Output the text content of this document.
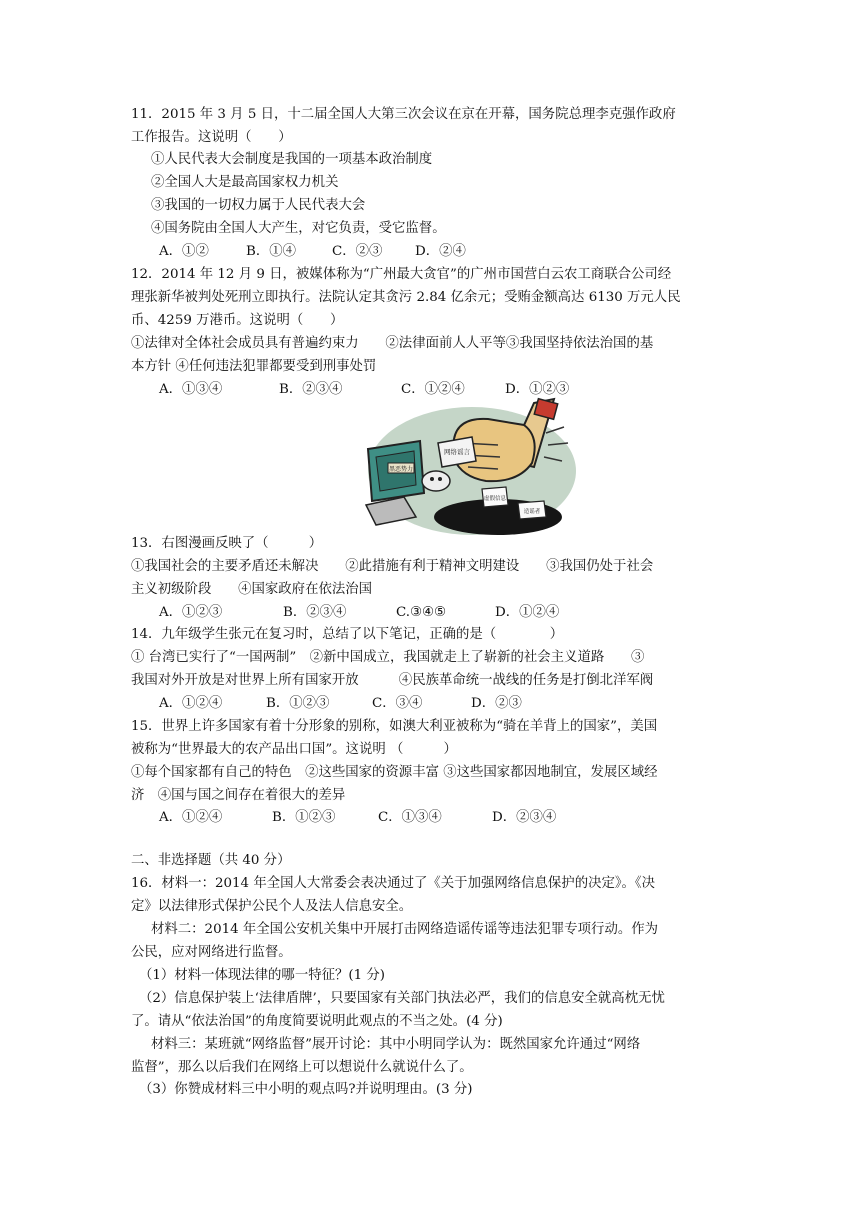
11．2015 年 3 月 5 日，十二届全国人大第三次会议在京在开幕，国务院总理李克强作政府
工作报告。这说明（　　）
①人民代表大会制度是我国的一项基本政治制度
②全国人大是最高国家权力机关
③我国的一切权力属于人民代表大会
④国务院由全国人大产生，对它负责，受它监督。
A．①②	B．①④	C．②③ D．②④
12．2014 年 12 月 9 日，被媒体称为“广州最大贪官”的广州市国营白云农工商联合公司经
理张新华被判处死刑立即执行。法院认定其贪污 2.84 亿余元；受贿金额高达 6130 万元人民
币、4259 万港币。这说明（　　）
①法律对全体社会成员具有普遍约束力　　②法律面前人人平等③我国坚持依法治国的基
本方针 ④任何违法犯罪都要受到刑事处罚
A．①③④	B．②③④	C．①②④	D．①②③
黑恶势力
网络谣言
虚假信息
造谣者
13．右图漫画反映了（　　　）
①我国社会的主要矛盾还未解决　　②此措施有利于精神文明建设　　③我国仍处于社会
主义初级阶段　　④国家政府在依法治国
A．①②③	B．②③④	C.③④⑤	D．①②④
14．九年级学生张元在复习时，总结了以下笔记，正确的是（　　　　）
① 台湾已实行了“一国两制”　②新中国成立，我国就走上了崭新的社会主义道路　　③
我国对外开放是对世界上所有国家开放　　　④民族革命统一战线的任务是打倒北洋军阀
A．①②④	B．①②③	C．③④	D．②③
15．世界上许多国家有着十分形象的别称，如澳大利亚被称为“骑在羊背上的国家”，美国
被称为“世界最大的农产品出口国”。这说明 （　　　）
①每个国家都有自己的特色　②这些国家的资源丰富 ③这些国家都因地制宜，发展区域经
济　④国与国之间存在着很大的差异
A．①②④	B．①②③	C．①③④	D．②③④
二、非选择题（共 40 分）
16．材料一：2014 年全国人大常委会表决通过了《关于加强网络信息保护的决定》。《决
定》以法律形式保护公民个人及法人信息安全。
材料二：2014 年全国公安机关集中开展打击网络造谣传谣等违法犯罪专项行动。作为
公民，应对网络进行监督。
（1）材料一体现法律的哪一特征？(1 分)
（2）信息保护装上‘法律盾牌’，只要国家有关部门执法必严，我们的信息安全就高枕无忧
了。请从“依法治国”的角度简要说明此观点的不当之处。(4 分)
材料三：某班就“网络监督”展开讨论：其中小明同学认为：既然国家允许通过“网络
监督”，那么以后我们在网络上可以想说什么就说什么了。
（3）你赞成材料三中小明的观点吗?并说明理由。(3 分)
